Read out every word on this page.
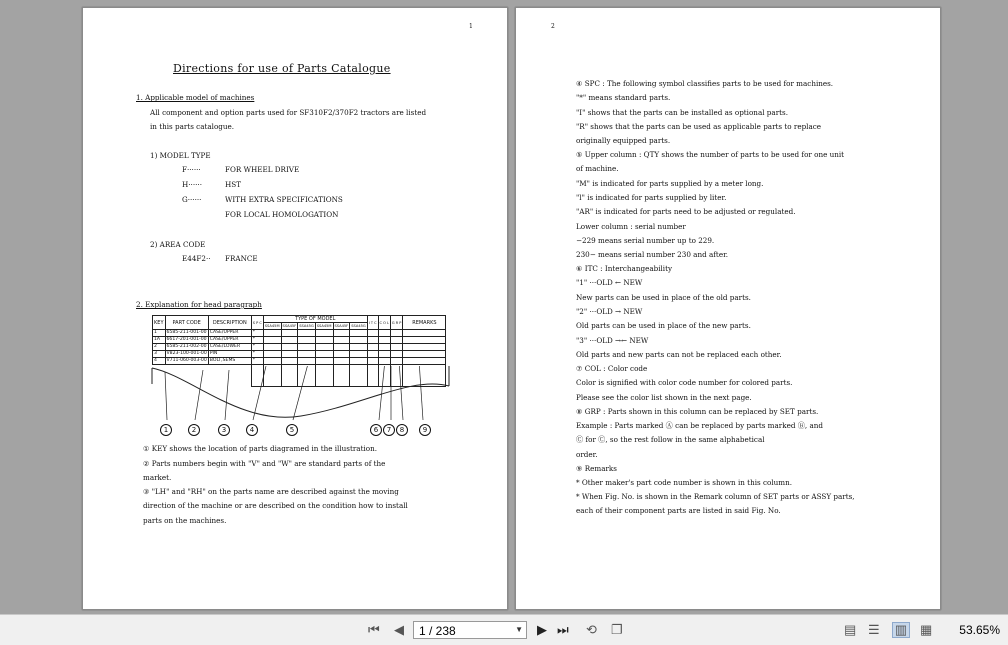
1
Directions for use of Parts Catalogue
1. Applicable model of machines
All component and option parts used for SF310F2/370F2 tractors are listed
in this parts catalogue.
1) MODEL TYPE
F······	FOR WHEEL DRIVE
H······	HST
G······	WITH EXTRA SPECIFICATIONS
FOR LOCAL HOMOLOGATION
2) AREA CODE
E44F2·· FRANCE
2. Explanation for head paragraph
KEY	PART CODE	DESCRIPTION	S P C	TYPE OF MODEL						I T C	C O L	G R P	REMARKS
				SSA45M	SSA45F	SSA45G	SSA45M	SSA45F	SSA45G				
1	6585-211-001-00	CASE/UPPER	*										
1A	6617-201-001-00	CASE/UPPER	*										
2	6585-211-002-00	CASE/LOWER	*										
3	V823-100-001-00	PIN	*										
4	V711-060-003-00	BOLT,SEMS	*										

1	2	3	4	5	6	7	8	9
① KEY shows the location of parts diagramed in the illustration.
② Parts numbers begin with "V" and "W" are standard parts of the
market.
③ "LH" and "RH" on the parts name are described against the moving
direction of the machine or are described on the condition how to install
parts on the machines.
2
④ SPC : The following symbol classifies parts to be used for machines.
"*" means standard parts.
"I" shows that the parts can be installed as optional parts.
"R" shows that the parts can be used as applicable parts to replace
originally equipped parts.
⑤ Upper column : QTY shows the number of parts to be used for one unit
of machine.
"M" is indicated for parts supplied by a meter long.
"l" is indicated for parts supplied by liter.
"AR" is indicated for parts need to be adjusted or regulated.
Lower column : serial number
−229 means serial number up to 229.
230− means serial number 230 and after.
⑥ ITC : Interchangeability
"1" ···OLD ← NEW
New parts can be used in place of the old parts.
"2" ···OLD → NEW
Old parts can be used in place of the new parts.
"3" ···OLD →← NEW
Old parts and new parts can not be replaced each other.
⑦ COL : Color code
Color is signified with color code number for colored parts.
Please see the color list shown in the next page.
⑧ GRP : Parts shown in this column can be replaced by SET parts.
Example : Parts marked Ⓐ can be replaced by parts marked Ⓑ, and
Ⓒ for Ⓒ, so the rest follow in the same alphabetical
order.
⑨ Remarks
* Other maker's part code number is shown in this column.
* When Fig. No. is shown in the Remark column of SET parts or ASSY parts,
each of their component parts are listed in said Fig. No.
⏮ ◀ 1 / 238	▼ ▶ ⏭ ⟲ ❐	▤ ☰ ▥ ▦ 53.65%
